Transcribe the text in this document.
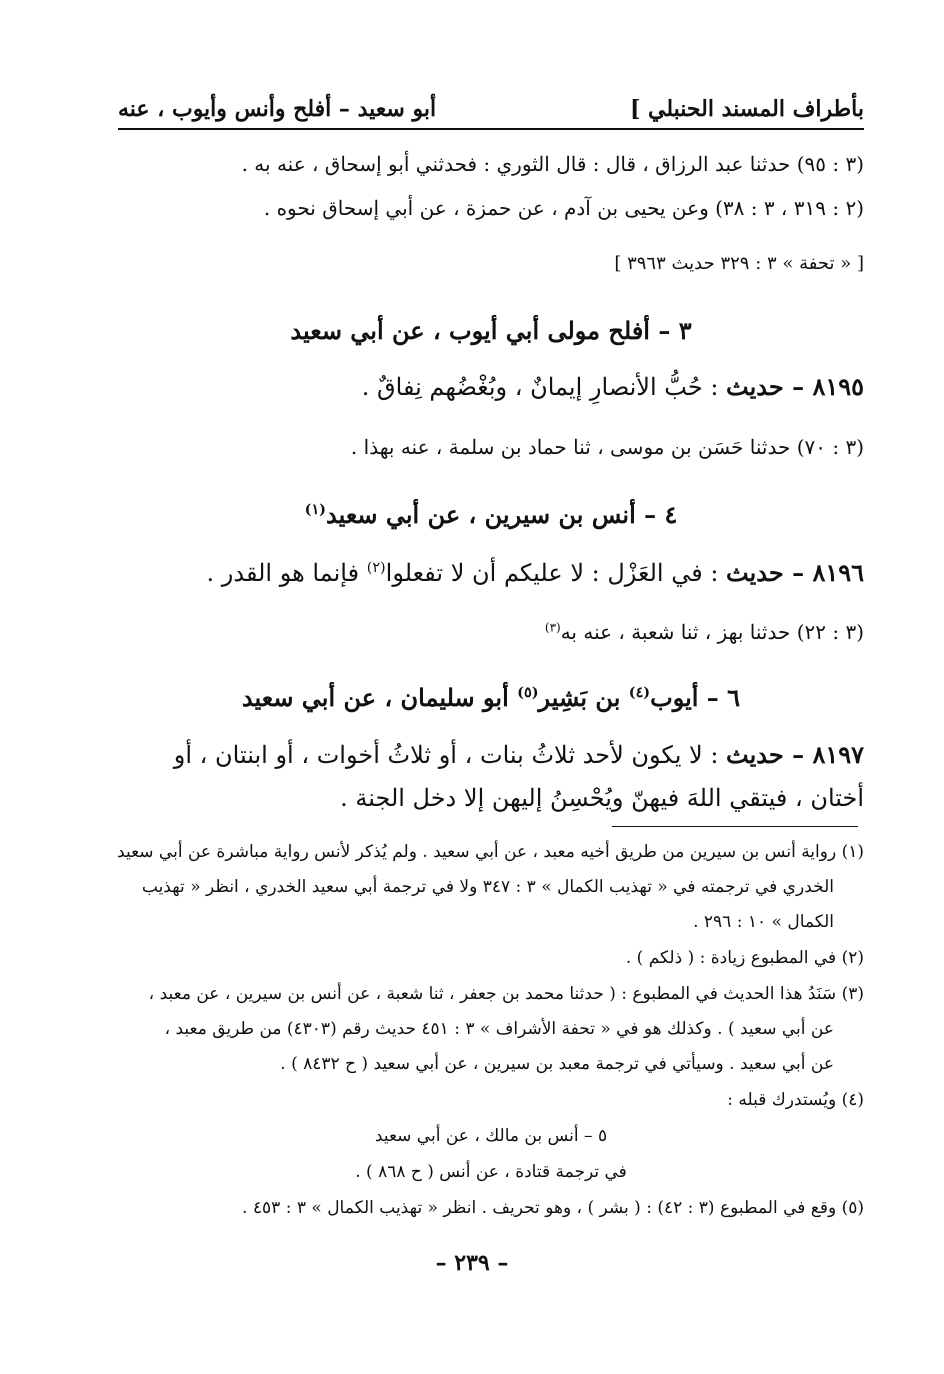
بأطراف المسند الحنبلي ]
أبو سعيد – أفلح وأنس وأيوب ، عنه
(٣ : ٩٥) حدثنا عبد الرزاق ، قال : قال الثوري : فحدثني أبو إسحاق ، عنه به .
(٢ : ٣١٩ ، ٣ : ٣٨) وعن يحيى بن آدم ، عن حمزة ، عن أبي إسحاق نحوه .
[ « تحفة » ٣ : ٣٢٩ حديث ٣٩٦٣ ]
٣ – أفلح مولى أبي أيوب ، عن أبي سعيد
٨١٩٥ – حديث : حُبُّ الأنصارِ إيمانٌ ، وبُغْضُهم نِفاقٌ .
(٣ : ٧٠) حدثنا حَسَن بن موسى ، ثنا حماد بن سلمة ، عنه بهذا .
٤ – أنس بن سيرين ، عن أبي سعيد$^{(١)}$
٨١٩٦ – حديث : في العَزْل : لا عليكم أن لا تفعلوا$^{(٢)}$ فإنما هو القدر .
(٣ : ٢٢) حدثنا بهز ، ثنا شعبة ، عنه به$^{(٣)}$
٦ – أيوب$^{(٤)}$ بن بَشِير$^{(٥)}$ أبو سليمان ، عن أبي سعيد
٨١٩٧ – حديث : لا يكون لأحد ثلاثُ بنات ، أو ثلاثُ أخوات ، أو ابنتان ، أو
أختان ، فيتقي اللهَ فيهنّ ويُحْسِنُ إليهن إلا دخل الجنة .
(١) رواية أنس بن سيرين من طريق أخيه معبد ، عن أبي سعيد . ولم يُذكر لأنس رواية مباشرة عن أبي سعيد
الخدري في ترجمته في « تهذيب الكمال » ٣ : ٣٤٧ ولا في ترجمة أبي سعيد الخدري ، انظر « تهذيب
الكمال » ١٠ : ٢٩٦ .
(٢) في المطبوع زيادة : ( ذلكم ) .
(٣) سَنَدُ هذا الحديث في المطبوع : ( حدثنا محمد بن جعفر ، ثنا شعبة ، عن أنس بن سيرين ، عن معبد ،
عن أبي سعيد ) . وكذلك هو في « تحفة الأشراف » ٣ : ٤٥١ حديث رقم (٤٣٠٣) من طريق معبد ،
عن أبي سعيد . وسيأتي في ترجمة معبد بن سيرين ، عن أبي سعيد ( ح ٨٤٣٢ ) .
(٤) ويُستدرك قبله :
٥ – أنس بن مالك ، عن أبي سعيد
في ترجمة قتادة ، عن أنس ( ح ٨٦٨ ) .
(٥) وقع في المطبوع (٣ : ٤٢) : ( بشر ) ، وهو تحريف . انظر « تهذيب الكمال » ٣ : ٤٥٣ .
– ٢٣٩ –
